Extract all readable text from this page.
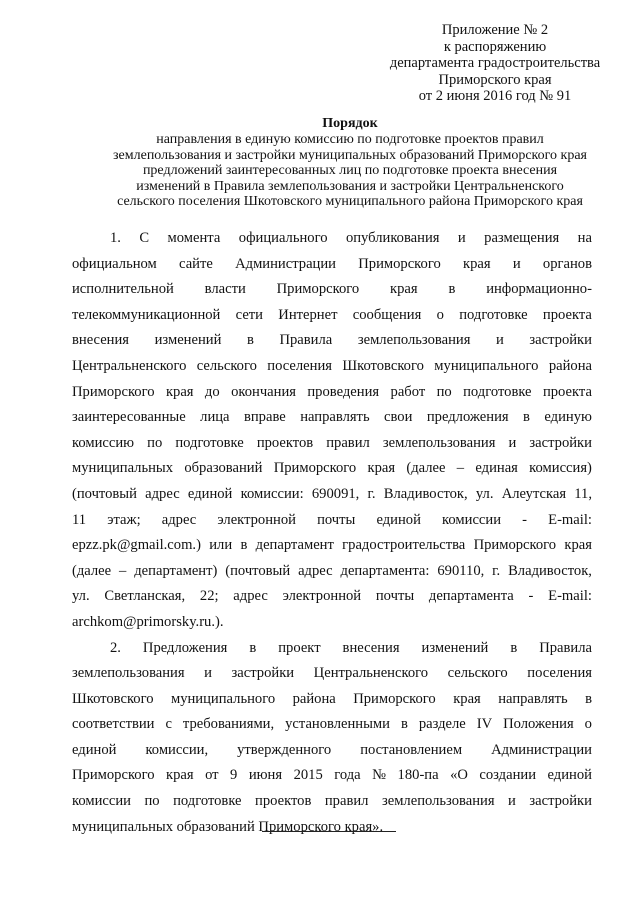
Приложение № 2
к распоряжению
департамента градостроительства
Приморского края
от 2 июня 2016 год № 91
Порядок
направления в единую комиссию по подготовке проектов правил
землепользования и застройки муниципальных образований Приморского края
предложений заинтересованных лиц по подготовке проекта внесения
изменений в Правила землепользования и застройки Центральненского
сельского поселения Шкотовского муниципального района Приморского края
1. С момента официального опубликования и размещения на
официальном сайте Администрации Приморского края и органов
исполнительной власти Приморского края в информационно-
телекоммуникационной сети Интернет сообщения о подготовке проекта
внесения изменений в Правила землепользования и застройки
Центральненского сельского поселения Шкотовского муниципального района
Приморского края до окончания проведения работ по подготовке проекта
заинтересованные лица вправе направлять свои предложения в единую
комиссию по подготовке проектов правил землепользования и застройки
муниципальных образований Приморского края (далее – единая комиссия)
(почтовый адрес единой комиссии: 690091, г. Владивосток, ул. Алеутская 11,
11 этаж; адрес электронной почты единой комиссии - E-mail:
epzz.pk@gmail.com.) или в департамент градостроительства Приморского края
(далее – департамент) (почтовый адрес департамента: 690110, г. Владивосток,
ул. Светланская, 22; адрес электронной почты департамента - E-mail:
archkom@primorsky.ru.).
2. Предложения в проект внесения изменений в Правила
землепользования и застройки Центральненского сельского поселения
Шкотовского муниципального района Приморского края направлять в
соответствии с требованиями, установленными в разделе IV Положения о
единой комиссии, утвержденного постановлением Администрации
Приморского края от 9 июня 2015 года № 180-па «О создании единой
комиссии по подготовке проектов правил землепользования и застройки
муниципальных образований Приморского края».
